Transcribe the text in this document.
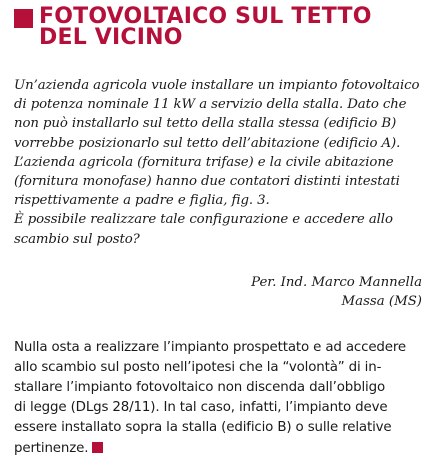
FOTOVOLTAICO SUL TETTO
DEL VICINO

Un’azienda agricola vuole installare un impianto fotovoltaico
di potenza nominale 11 kW a servizio della stalla. Dato che
non può installarlo sul tetto della stalla stessa (edificio B)
vorrebbe posizionarlo sul tetto dell’abitazione (edificio A).
L’azienda agricola (fornitura trifase) e la civile abitazione
(fornitura monofase) hanno due contatori distinti intestati
rispettivamente a padre e figlia, fig. 3.
È possibile realizzare tale configurazione e accedere allo
scambio sul posto?

Per. Ind. Marco Mannella
Massa (MS)

Nulla osta a realizzare l’impianto prospettato e ad accedere
allo scambio sul posto nell’ipotesi che la “volontà” di in-
stallare l’impianto fotovoltaico non discenda dall’obbligo
di legge (DLgs 28/11). In tal caso, infatti, l’impianto deve
essere installato sopra la stalla (edificio B) o sulle relative
pertinenze.
